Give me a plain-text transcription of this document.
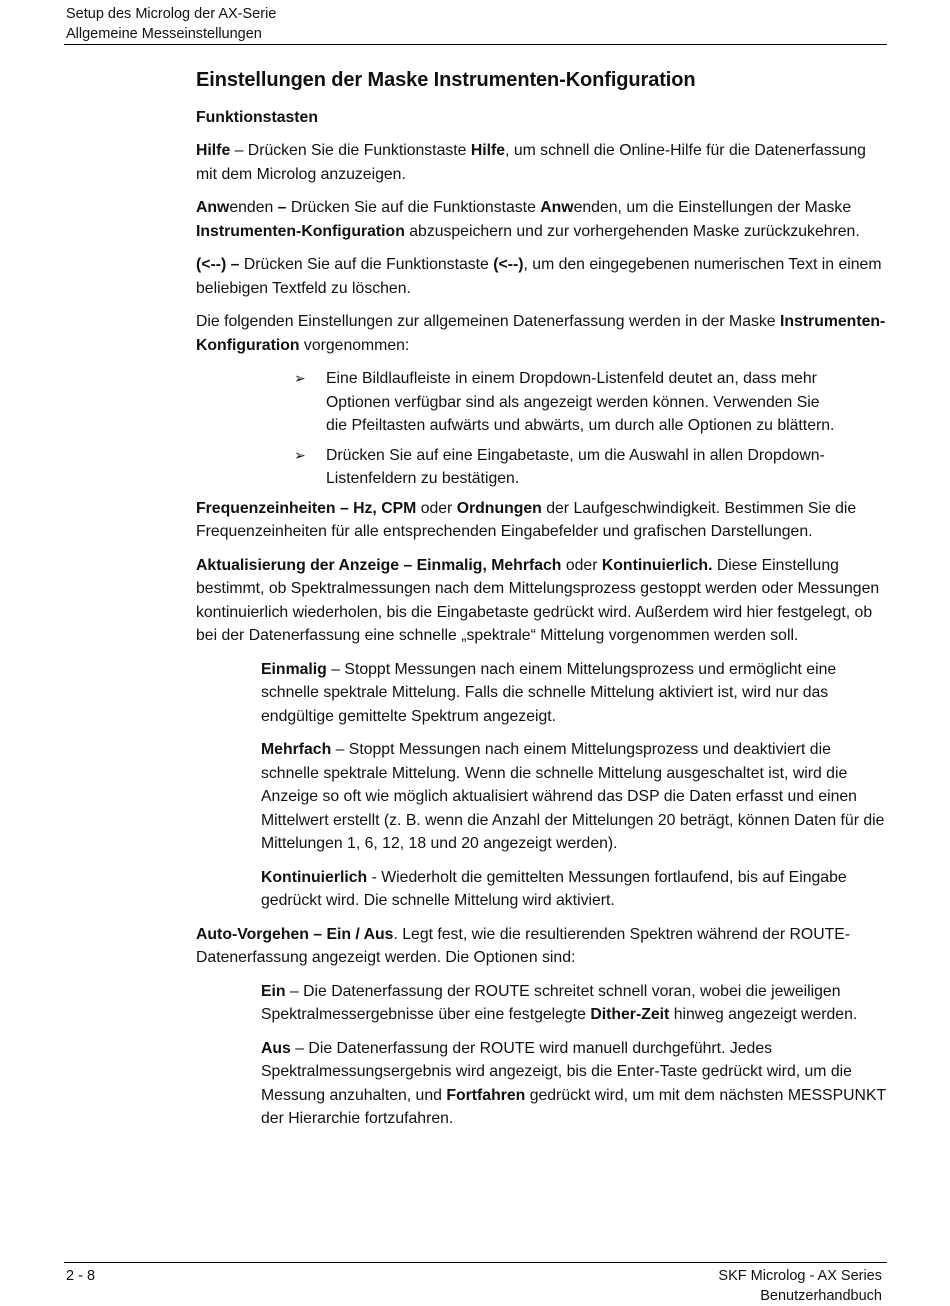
Setup des Microlog der AX-Serie
Allgemeine Messeinstellungen
Einstellungen der Maske Instrumenten-Konfiguration
Funktionstasten

Hilfe – Drücken Sie die Funktionstaste Hilfe, um schnell die Online-Hilfe für die Datenerfassung mit dem Microlog anzuzeigen.

Anwenden – Drücken Sie auf die Funktionstaste Anwenden, um die Einstellungen der Maske Instrumenten-Konfiguration abzuspeichern und zur vorhergehenden Maske zurückzukehren.

(<--) – Drücken Sie auf die Funktionstaste (<--), um den eingegebenen numerischen Text in einem beliebigen Textfeld zu löschen.

Die folgenden Einstellungen zur allgemeinen Datenerfassung werden in der Maske Instrumenten-Konfiguration vorgenommen:

➢ Eine Bildlaufleiste in einem Dropdown-Listenfeld deutet an, dass mehr Optionen verfügbar sind als angezeigt werden können. Verwenden Sie die Pfeiltasten aufwärts und abwärts, um durch alle Optionen zu blättern.
➢ Drücken Sie auf eine Eingabetaste, um die Auswahl in allen Dropdown-Listenfeldern zu bestätigen.

Frequenzeinheiten – Hz, CPM oder Ordnungen der Laufgeschwindigkeit. Bestimmen Sie die Frequenzeinheiten für alle entsprechenden Eingabefelder und grafischen Darstellungen.

Aktualisierung der Anzeige – Einmalig, Mehrfach oder Kontinuierlich. Diese Einstellung bestimmt, ob Spektralmessungen nach dem Mittelungsprozess gestoppt werden oder Messungen kontinuierlich wiederholen, bis die Eingabetaste gedrückt wird. Außerdem wird hier festgelegt, ob bei der Datenerfassung eine schnelle „spektrale“ Mittelung vorgenommen werden soll.

Einmalig – Stoppt Messungen nach einem Mittelungsprozess und ermöglicht eine schnelle spektrale Mittelung. Falls die schnelle Mittelung aktiviert ist, wird nur das endgültige gemittelte Spektrum angezeigt.

Mehrfach – Stoppt Messungen nach einem Mittelungsprozess und deaktiviert die schnelle spektrale Mittelung. Wenn die schnelle Mittelung ausgeschaltet ist, wird die Anzeige so oft wie möglich aktualisiert während das DSP die Daten erfasst und einen Mittelwert erstellt (z. B. wenn die Anzahl der Mittelungen 20 beträgt, können Daten für die Mittelungen 1, 6, 12, 18 und 20 angezeigt werden).

Kontinuierlich - Wiederholt die gemittelten Messungen fortlaufend, bis auf Eingabe gedrückt wird. Die schnelle Mittelung wird aktiviert.

Auto-Vorgehen – Ein / Aus. Legt fest, wie die resultierenden Spektren während der ROUTE-Datenerfassung angezeigt werden. Die Optionen sind:

Ein – Die Datenerfassung der ROUTE schreitet schnell voran, wobei die jeweiligen Spektralmessergebnisse über eine festgelegte Dither-Zeit hinweg angezeigt werden.

Aus – Die Datenerfassung der ROUTE wird manuell durchgeführt. Jedes Spektralmessungsergebnis wird angezeigt, bis die Enter-Taste gedrückt wird, um die Messung anzuhalten, und Fortfahren gedrückt wird, um mit dem nächsten MESSPUNKT der Hierarchie fortzufahren.

2 - 8	SKF Microlog - AX Series
Benutzerhandbuch
